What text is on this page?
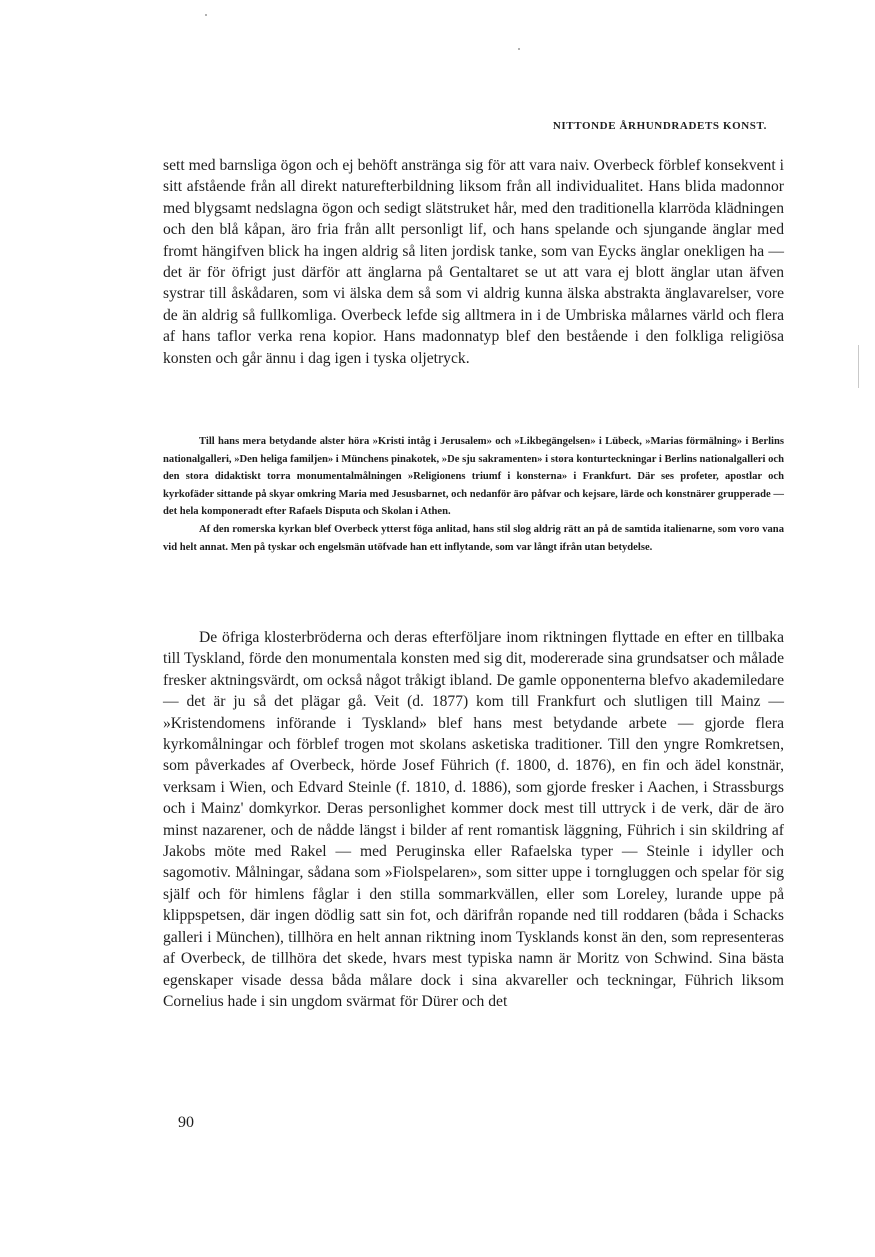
NITTONDE ÅRHUNDRADETS KONST.

sett med barnsliga ögon och ej behöft anstränga sig för att vara naiv. Overbeck förblef konsekvent i sitt afstående från all direkt naturefterbildning liksom från all individualitet. Hans blida madonnor med blygsamt nedslagna ögon och sedigt slätstruket hår, med den traditionella klarröda klädningen och den blå kåpan, äro fria från allt personligt lif, och hans spelande och sjungande änglar med fromt hängifven blick ha ingen aldrig så liten jordisk tanke, som van Eycks änglar onekligen ha — det är för öfrigt just därför att änglarna på Gentaltaret se ut att vara ej blott änglar utan äfven systrar till åskådaren, som vi älska dem så som vi aldrig kunna älska abstrakta änglavarelser, vore de än aldrig så fullkomliga. Overbeck lefde sig alltmera in i de Umbriska målarnes värld och flera af hans taflor verka rena kopior. Hans madonnatyp blef den bestående i den folkliga religiösa konsten och går ännu i dag igen i tyska oljetryck.

Till hans mera betydande alster höra »Kristi intåg i Jerusalem» och »Likbegängelsen» i Lübeck, »Marias förmälning» i Berlins nationalgalleri, »Den heliga familjen» i Münchens pinakotek, »De sju sakramenten» i stora konturteckningar i Berlins nationalgalleri och den stora didaktiskt torra monumentalmålningen »Religionens triumf i konsterna» i Frankfurt. Där ses profeter, apostlar och kyrkofäder sittande på skyar omkring Maria med Jesusbarnet, och nedanför äro påfvar och kejsare, lärde och konstnärer grupperade — det hela komponeradt efter Rafaels Disputa och Skolan i Athen.

Af den romerska kyrkan blef Overbeck ytterst föga anlitad, hans stil slog aldrig rätt an på de samtida italienarne, som voro vana vid helt annat. Men på tyskar och engelsmän utöfvade han ett inflytande, som var långt ifrån utan betydelse.

De öfriga klosterbröderna och deras efterföljare inom riktningen flyttade en efter en tillbaka till Tyskland, förde den monumentala konsten med sig dit, modererade sina grundsatser och målade fresker aktningsvärdt, om också något tråkigt ibland. De gamle opponenterna blefvo akademiledare — det är ju så det plägar gå. Veit (d. 1877) kom till Frankfurt och slutligen till Mainz — »Kristendomens införande i Tyskland» blef hans mest betydande arbete — gjorde flera kyrkomålningar och förblef trogen mot skolans asketiska traditioner. Till den yngre Romkretsen, som påverkades af Overbeck, hörde Josef Führich (f. 1800, d. 1876), en fin och ädel konstnär, verksam i Wien, och Edvard Steinle (f. 1810, d. 1886), som gjorde fresker i Aachen, i Strassburgs och i Mainz' domkyrkor. Deras personlighet kommer dock mest till uttryck i de verk, där de äro minst nazarener, och de nådde längst i bilder af rent romantisk läggning, Führich i sin skildring af Jakobs möte med Rakel — med Peruginska eller Rafaelska typer — Steinle i idyller och sagomotiv. Målningar, sådana som »Fiolspelaren», som sitter uppe i torngluggen och spelar för sig själf och för himlens fåglar i den stilla sommarkvällen, eller som Loreley, lurande uppe på klippspetsen, där ingen dödlig satt sin fot, och därifrån ropande ned till roddaren (båda i Schacks galleri i München), tillhöra en helt annan riktning inom Tysklands konst än den, som representeras af Overbeck, de tillhöra det skede, hvars mest typiska namn är Moritz von Schwind. Sina bästa egenskaper visade dessa båda målare dock i sina akvareller och teckningar, Führich liksom Cornelius hade i sin ungdom svärmat för Dürer och det

90
